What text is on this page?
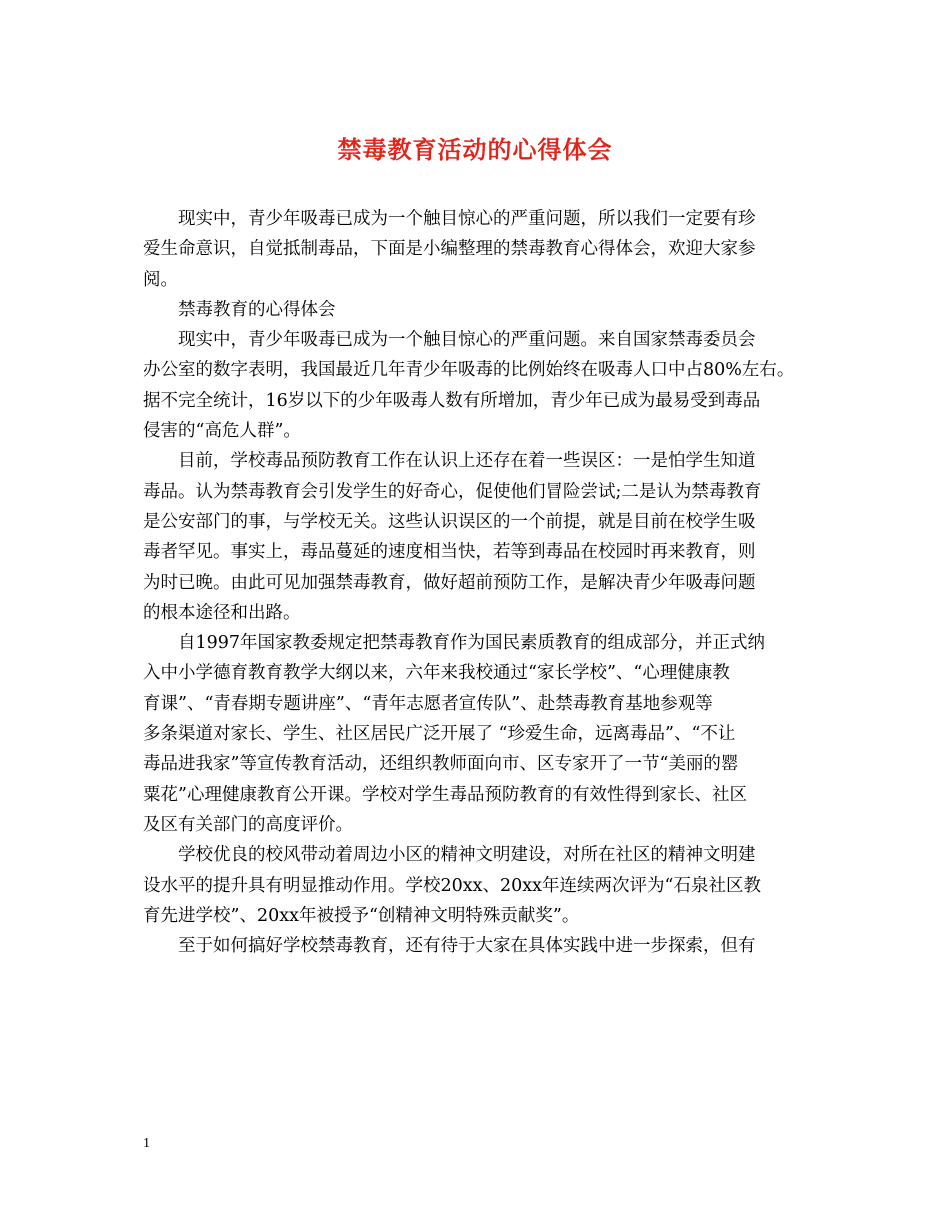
禁毒教育活动的心得体会

现实中，青少年吸毒已成为一个触目惊心的严重问题，所以我们一定要有珍
爱生命意识，自觉抵制毒品，下面是小编整理的禁毒教育心得体会，欢迎大家参
阅。

禁毒教育的心得体会

现实中，青少年吸毒已成为一个触目惊心的严重问题。来自国家禁毒委员会
办公室的数字表明，我国最近几年青少年吸毒的比例始终在吸毒人口中占80%左右。
据不完全统计，16岁以下的少年吸毒人数有所增加，青少年已成为最易受到毒品
侵害的“高危人群”。

目前，学校毒品预防教育工作在认识上还存在着一些误区：一是怕学生知道
毒品。认为禁毒教育会引发学生的好奇心，促使他们冒险尝试;二是认为禁毒教育
是公安部门的事，与学校无关。这些认识误区的一个前提，就是目前在校学生吸
毒者罕见。事实上，毒品蔓延的速度相当快，若等到毒品在校园时再来教育，则
为时已晚。由此可见加强禁毒教育，做好超前预防工作，是解决青少年吸毒问题
的根本途径和出路。

自1997年国家教委规定把禁毒教育作为国民素质教育的组成部分，并正式纳
入中小学德育教育教学大纲以来，六年来我校通过“家长学校”、“心理健康教
育课”、“青春期专题讲座”、“青年志愿者宣传队”、赴禁毒教育基地参观等
多条渠道对家长、学生、社区居民广泛开展了 “珍爱生命，远离毒品”、“不让
毒品进我家”等宣传教育活动，还组织教师面向市、区专家开了一节“美丽的罂
粟花”心理健康教育公开课。学校对学生毒品预防教育的有效性得到家长、社区
及区有关部门的高度评价。

学校优良的校风带动着周边小区的精神文明建设，对所在社区的精神文明建
设水平的提升具有明显推动作用。学校20xx、20xx年连续两次评为“石泉社区教
育先进学校”、20xx年被授予“创精神文明特殊贡献奖”。

至于如何搞好学校禁毒教育，还有待于大家在具体实践中进一步探索，但有

1
